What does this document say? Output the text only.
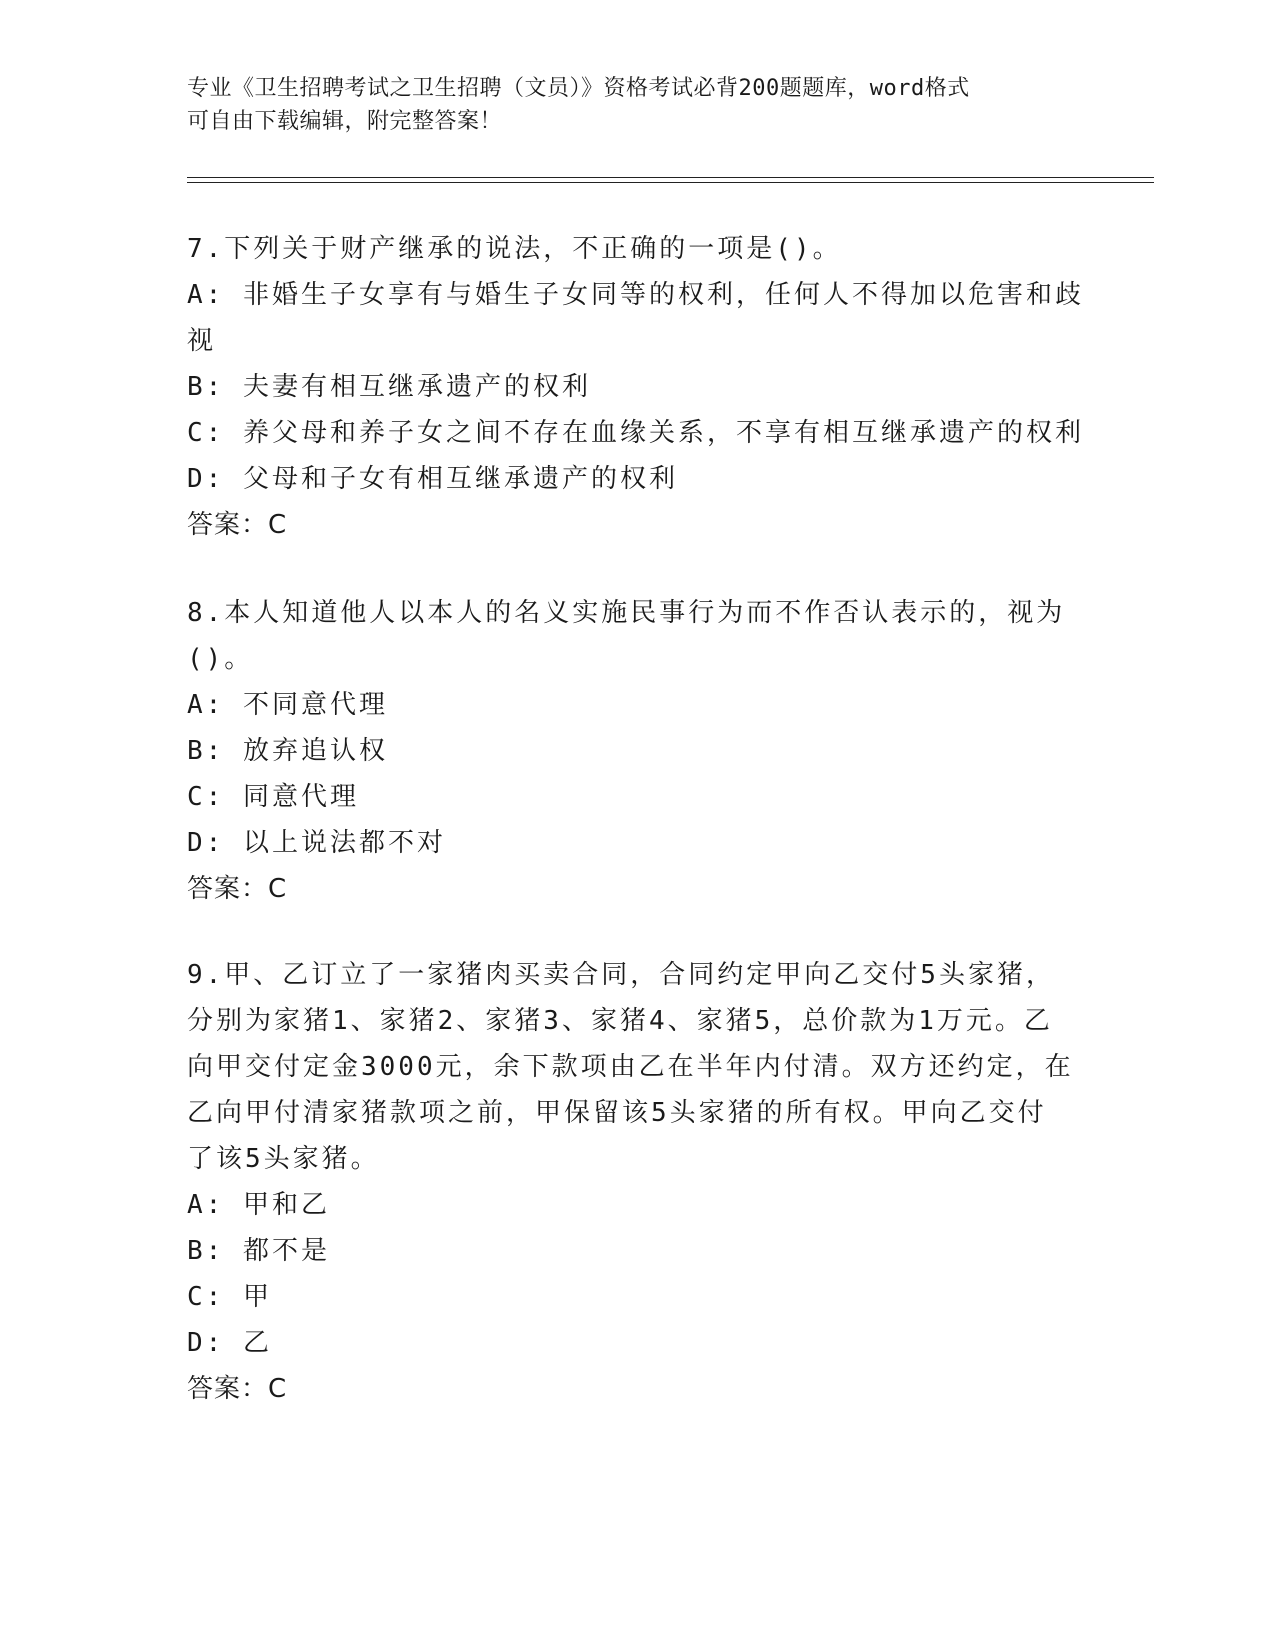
专业《卫生招聘考试之卫生招聘（文员）》资格考试必背200题题库，word格式
可自由下载编辑，附完整答案！
7.下列关于财产继承的说法，不正确的一项是()。
A: 非婚生子女享有与婚生子女同等的权利，任何人不得加以危害和歧
视
B: 夫妻有相互继承遗产的权利
C: 养父母和养子女之间不存在血缘关系，不享有相互继承遗产的权利
D: 父母和子女有相互继承遗产的权利
答案：C
8.本人知道他人以本人的名义实施民事行为而不作否认表示的，视为
()。
A: 不同意代理
B: 放弃追认权
C: 同意代理
D: 以上说法都不对
答案：C
9.甲、乙订立了一家猪肉买卖合同，合同约定甲向乙交付5头家猪，
分别为家猪1、家猪2、家猪3、家猪4、家猪5，总价款为1万元。乙
向甲交付定金3000元，余下款项由乙在半年内付清。双方还约定，在
乙向甲付清家猪款项之前，甲保留该5头家猪的所有权。甲向乙交付
了该5头家猪。
A: 甲和乙
B: 都不是
C: 甲
D: 乙
答案：C
